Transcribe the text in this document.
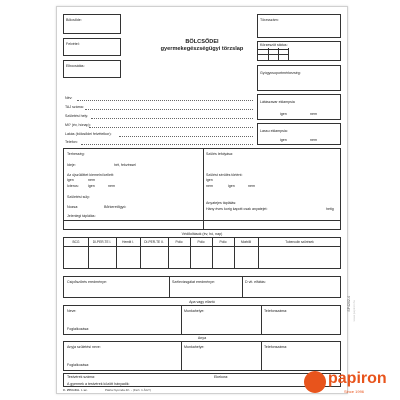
BÖLCSŐDEI
gyermekegészségügyi törzslap
Bölcsőde:
Felvétel:
Elbocsátás:
Törzsszám:
Körzeszöt státus:
Gyógycsoportmérkezség:
Látászavar eklampsia
igen	nem
Lassu eklampsia:
igen	nem
Név:
TAJ száma:
Születési hely:
Mi? (év, hónap):
Lakás (bölcsődei felvételkor):
Telefon:
Terhesség:
Ideje:	hét, fekvéssel
Az újszülöttet kiemelni kellett:
igen
Icterus:	igen	nem
nem
Születési súly:
Nozsa:	Bőrkeretőgyó:
Jelenlegi táplálás:
Szülés lefolyása:
Szülést sérülés történt:
igen
nem	igen	nem
Anyatejes táplálás:
Hány éves korig kapott csak anyatejet:	hetig
Védőoltások (év, hó, nap)
BCG	DI-PER-TE I.	Hemiit I.	DI-PER-TE II.	Polio	Polio	Polio	Morbilli	Tuberculin szűrések
Csípőszűrés eredménye:	Szélevizsgálat eredménye:	D vit. elfátás:
Apa vagy ellartó
Neve:	Munkahelye:	Telefonszáma:
Foglalkozása:
Anya
Anyja születési neve:	Munkahelye:	Telefonszáma:
Foglalkozása:
Testvérek száma:	Ekekora:
A gyermek a testvérek között hányadik:
C. 2554-6/A. r. sz.	Pátria Nyomda Zrt. - (Fszt. 1 ÁGY)
SP4202-4
papiron
Since 1996
www.papiron.hu
